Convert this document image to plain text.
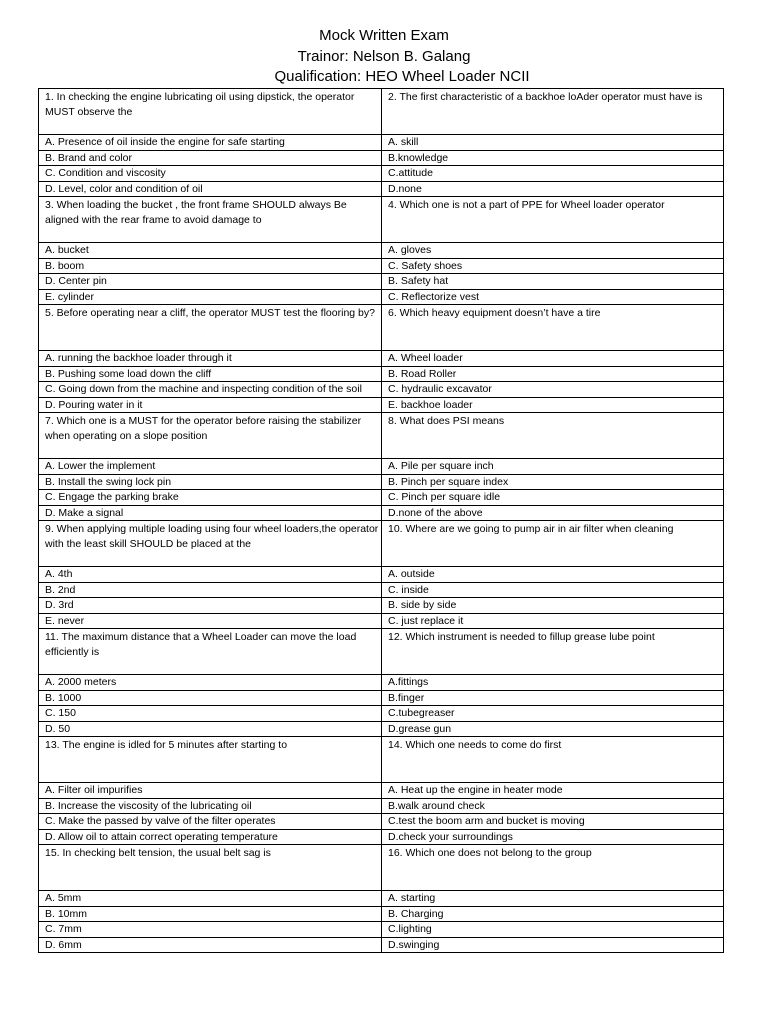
Mock Written Exam
Trainor: Nelson B. Galang
Qualification: HEO Wheel Loader NCII
1. In checking the engine lubricating oil using dipstick, the operator MUST observe the	2. The first characteristic of a backhoe loAder operator must have is
A. Presence of oil inside the engine for safe starting	A. skill
B. Brand and color	B.knowledge
C. Condition and viscosity	C.attitude
D. Level, color and condition of oil	D.none
3. When loading the bucket , the front frame SHOULD always Be aligned with the rear frame to avoid damage to	4. Which one is not a part of PPE for Wheel loader operator
A. bucket	A. gloves
B. boom	C. Safety shoes
D. Center pin	B. Safety hat
E. cylinder	C. Reflectorize vest
5. Before operating near a cliff, the operator MUST test the flooring by?	6. Which heavy equipment doesn’t have a tire
A. running the backhoe loader through it	A. Wheel loader
B. Pushing some load down the cliff	B. Road Roller
C. Going down from the machine and inspecting condition of the soil	C. hydraulic excavator
D. Pouring water in it	E. backhoe loader
7. Which one is a MUST for the operator before raising the stabilizer when operating on a slope position	8. What does PSI means
A. Lower the implement	A. Pile per square inch
B. Install the swing lock pin	B. Pinch per square index
C. Engage the parking brake	C. Pinch per square idle
D. Make a signal	D.none of the above
9. When applying multiple loading using four wheel loaders,the operator with the least skill SHOULD be placed at the	10. Where are we going to pump air in air filter when cleaning
A. 4th	A. outside
B. 2nd	C. inside
D. 3rd	B. side by side
E. never	C. just replace it
11. The maximum distance that a Wheel Loader can move the load efficiently is	12. Which instrument is needed to fillup grease lube point
A. 2000 meters	A.fittings
B. 1000	B.finger
C. 150	C.tubegreaser
D. 50	D.grease gun
13. The engine is idled for 5 minutes after starting to	14. Which one needs to come do first
A. Filter oil impurifies	A. Heat up the engine in heater mode
B. Increase the viscosity of the lubricating oil	B.walk around check
C. Make the passed by valve of the filter operates	C.test the boom arm and bucket is moving
D. Allow oil to attain correct operating temperature	D.check your surroundings
15. In checking belt tension, the usual belt sag is	16. Which one does not belong to the group
A. 5mm	A. starting
B. 10mm	B. Charging
C. 7mm	C.lighting
D. 6mm	D.swinging
